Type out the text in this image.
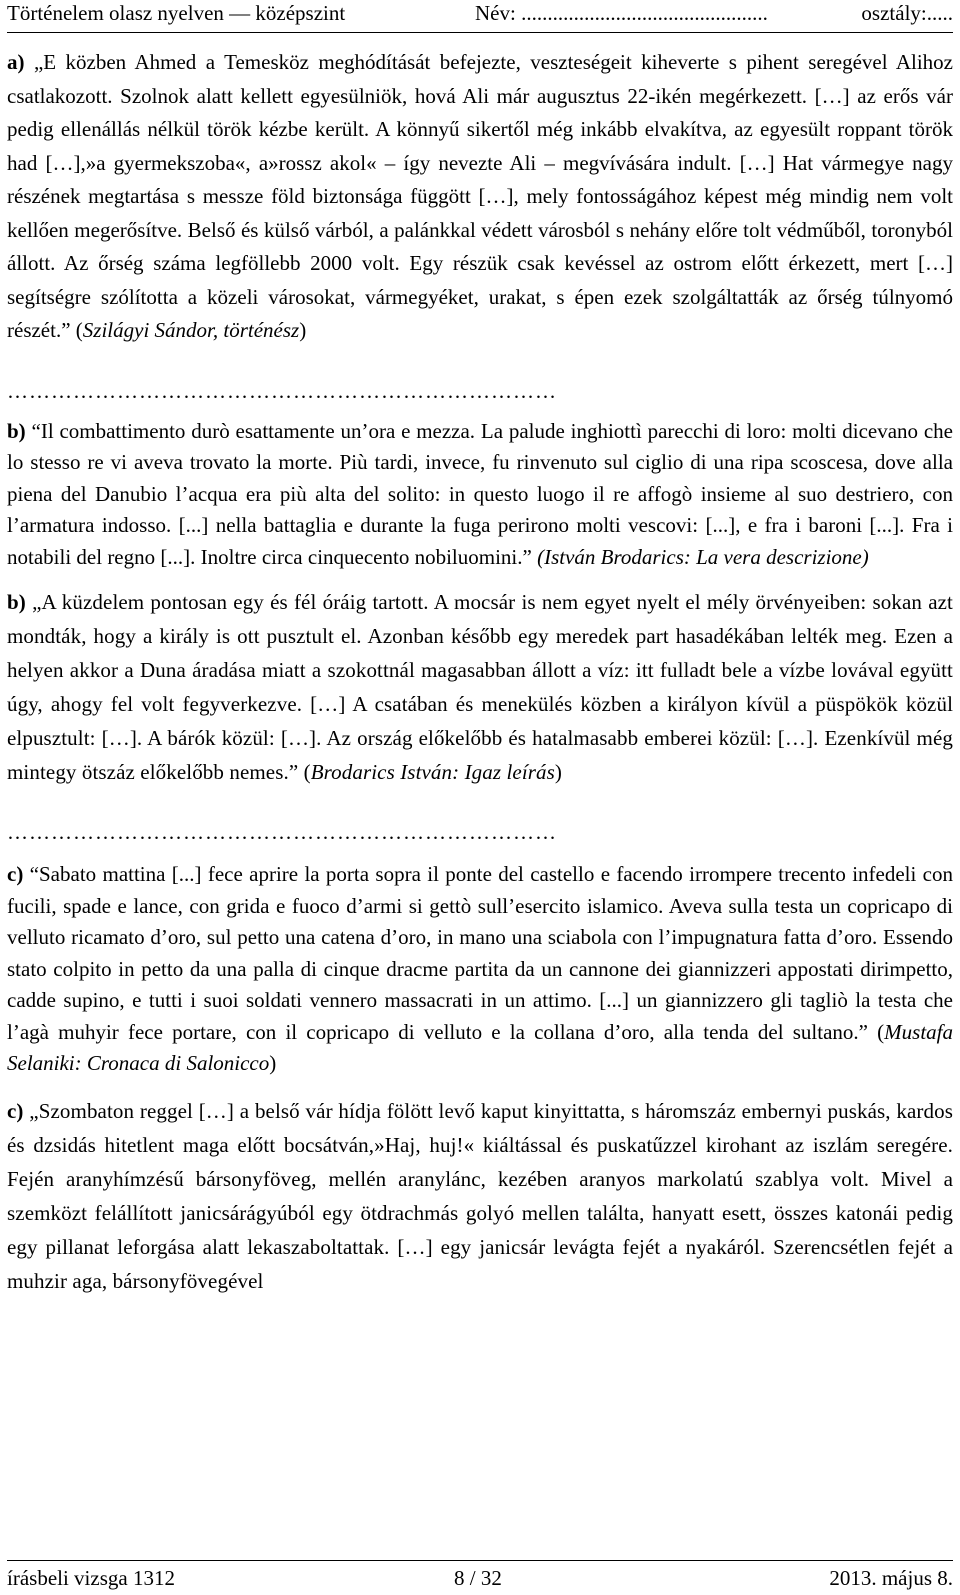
Történelem olasz nyelven — középszint	Név: ...............................................	osztály:.....
a) „E közben Ahmed a Temesköz meghódítását befejezte, veszteségeit kiheverte s pihent seregével Alihoz csatlakozott. Szolnok alatt kellett egyesülniök, hová Ali már augusztus 22-ikén megérkezett. […] az erős vár pedig ellenállás nélkül török kézbe került. A könnyű sikertől még inkább elvakítva, az egyesült roppant török had […],»a gyermekszoba«, a»rossz akol« – így nevezte Ali – megvívására indult. […] Hat vármegye nagy részének megtartása s messze föld biztonsága függött […], mely fontosságához képest még mindig nem volt kellően megerősítve. Belső és külső várból, a palánkkal védett városból s nehány előre tolt védműből, toronyból állott. Az őrség száma legföllebb 2000 volt. Egy részük csak kevéssel az ostrom előtt érkezett, mert […] segítségre szólította a közeli városokat, vármegyéket, urakat, s épen ezek szolgáltatták az őrség túlnyomó részét.” (Szilágyi Sándor, történész)
…………………………………………………………………
b) “Il combattimento durò esattamente un’ora e mezza. La palude inghiottì parecchi di loro: molti dicevano che lo stesso re vi aveva trovato la morte. Più tardi, invece, fu rinvenuto sul ciglio di una ripa scoscesa, dove alla piena del Danubio l’acqua era più alta del solito: in questo luogo il re affogò insieme al suo destriero, con l’armatura indosso. [...] nella battaglia e durante la fuga perirono molti vescovi: [...], e fra i baroni [...]. Fra i notabili del regno [...]. Inoltre circa cinquecento nobiluomini.” (István Brodarics: La vera descrizione)
b) „A küzdelem pontosan egy és fél óráig tartott. A mocsár is nem egyet nyelt el mély örvényeiben: sokan azt mondták, hogy a király is ott pusztult el. Azonban később egy meredek part hasadékában lelték meg. Ezen a helyen akkor a Duna áradása miatt a szokottnál magasabban állott a víz: itt fulladt bele a vízbe lovával együtt úgy, ahogy fel volt fegyverkezve. […] A csatában és menekülés közben a királyon kívül a püspökök közül elpusztult: […]. A bárók közül: […]. Az ország előkelőbb és hatalmasabb emberei közül: […]. Ezenkívül még mintegy ötszáz előkelőbb nemes.” (Brodarics István: Igaz leírás)
…………………………………………………………………
c) “Sabato mattina [...] fece aprire la porta sopra il ponte del castello e facendo irrompere trecento infedeli con fucili, spade e lance, con grida e fuoco d’armi si gettò sull’esercito islamico. Aveva sulla testa un copricapo di velluto ricamato d’oro, sul petto una catena d’oro, in mano una sciabola con l’impugnatura fatta d’oro. Essendo stato colpito in petto da una palla di cinque dracme partita da un cannone dei giannizzeri appostati dirimpetto, cadde supino, e tutti i suoi soldati vennero massacrati in un attimo. [...] un giannizzero gli tagliò la testa che l’agà muhyir fece portare, con il copricapo di velluto e la collana d’oro, alla tenda del sultano.” (Mustafa Selaniki: Cronaca di Salonicco)
c) „Szombaton reggel […] a belső vár hídja fölött levő kaput kinyittatta, s háromszáz embernyi puskás, kardos és dzsidás hitetlent maga előtt bocsátván,»Haj, huj!« kiáltással és puskatűzzel kirohant az iszlám seregére. Fején aranyhímzésű bársonyföveg, mellén aranylánc, kezében aranyos markolatú szablya volt. Mivel a szemközt felállított janicsárágyúból egy ötdrachmás golyó mellen találta, hanyatt esett, összes katonái pedig egy pillanat leforgása alatt lekaszaboltattak. […] egy janicsár levágta fejét a nyakáról. Szerencsétlen fejét a muhzir aga, bársonyfövegével
írásbeli vizsga 1312	8 / 32	2013. május 8.
